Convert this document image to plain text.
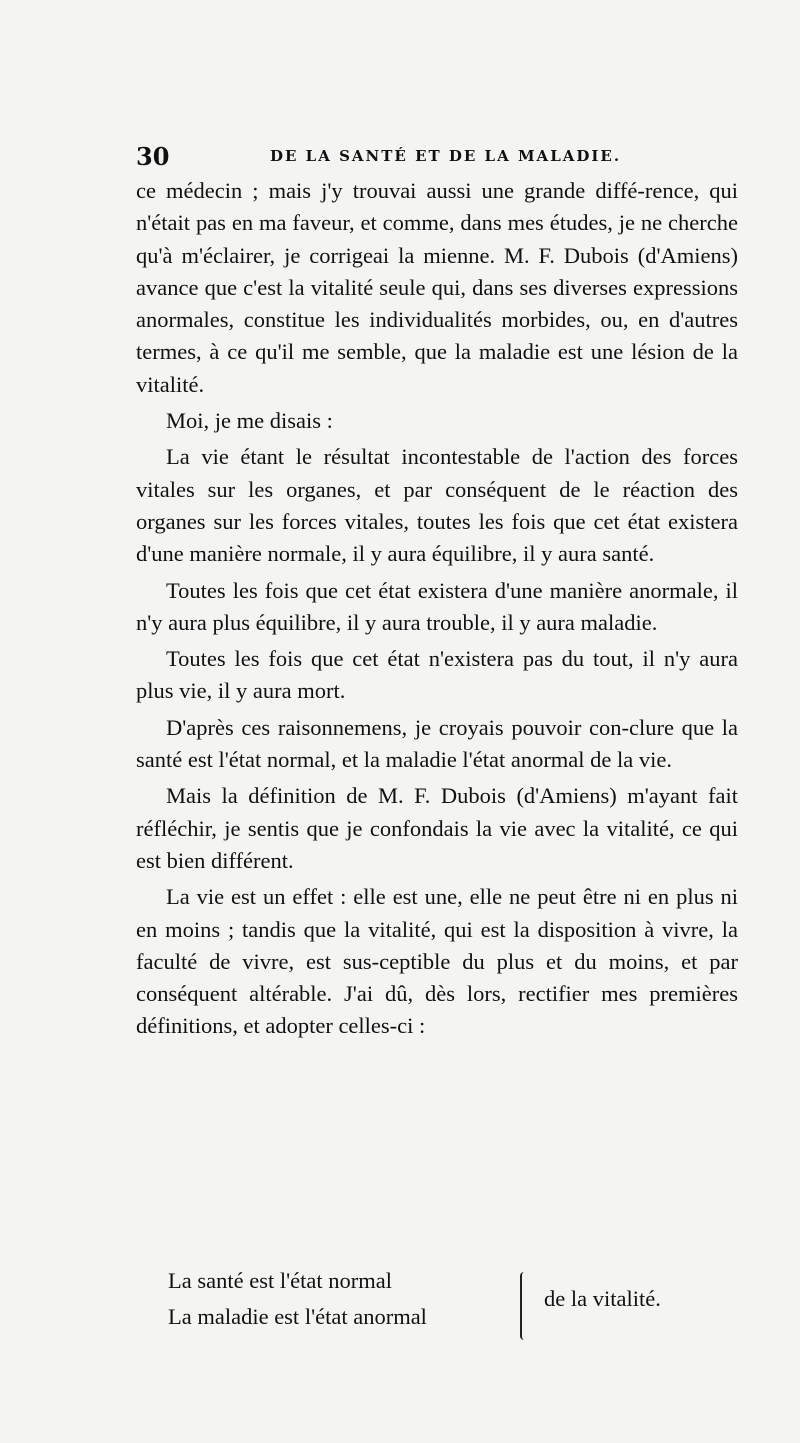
30	DE LA SANTÉ ET DE LA MALADIE.

ce médecin ; mais j'y trouvai aussi une grande diffé-rence, qui n'était pas en ma faveur, et comme, dans mes études, je ne cherche qu'à m'éclairer, je corrigeai la mienne. M. F. Dubois (d'Amiens) avance que c'est la vitalité seule qui, dans ses diverses expressions anormales, constitue les individualités morbides, ou, en d'autres termes, à ce qu'il me semble, que la maladie est une lésion de la vitalité.

Moi, je me disais :

La vie étant le résultat incontestable de l'action des forces vitales sur les organes, et par conséquent de le réaction des organes sur les forces vitales, toutes les fois que cet état existera d'une manière normale, il y aura équilibre, il y aura santé.

Toutes les fois que cet état existera d'une manière anormale, il n'y aura plus équilibre, il y aura trouble, il y aura maladie.

Toutes les fois que cet état n'existera pas du tout, il n'y aura plus vie, il y aura mort.

D'après ces raisonnemens, je croyais pouvoir con-clure que la santé est l'état normal, et la maladie l'état anormal de la vie.

Mais la définition de M. F. Dubois (d'Amiens) m'ayant fait réfléchir, je sentis que je confondais la vie avec la vitalité, ce qui est bien différent.

La vie est un effet : elle est une, elle ne peut être ni en plus ni en moins ; tandis que la vitalité, qui est la disposition à vivre, la faculté de vivre, est sus-ceptible du plus et du moins, et par conséquent altérable. J'ai dû, dès lors, rectifier mes premières définitions, et adopter celles-ci :

La santé est l'état normal
La maladie est l'état anormal
de la vitalité.
